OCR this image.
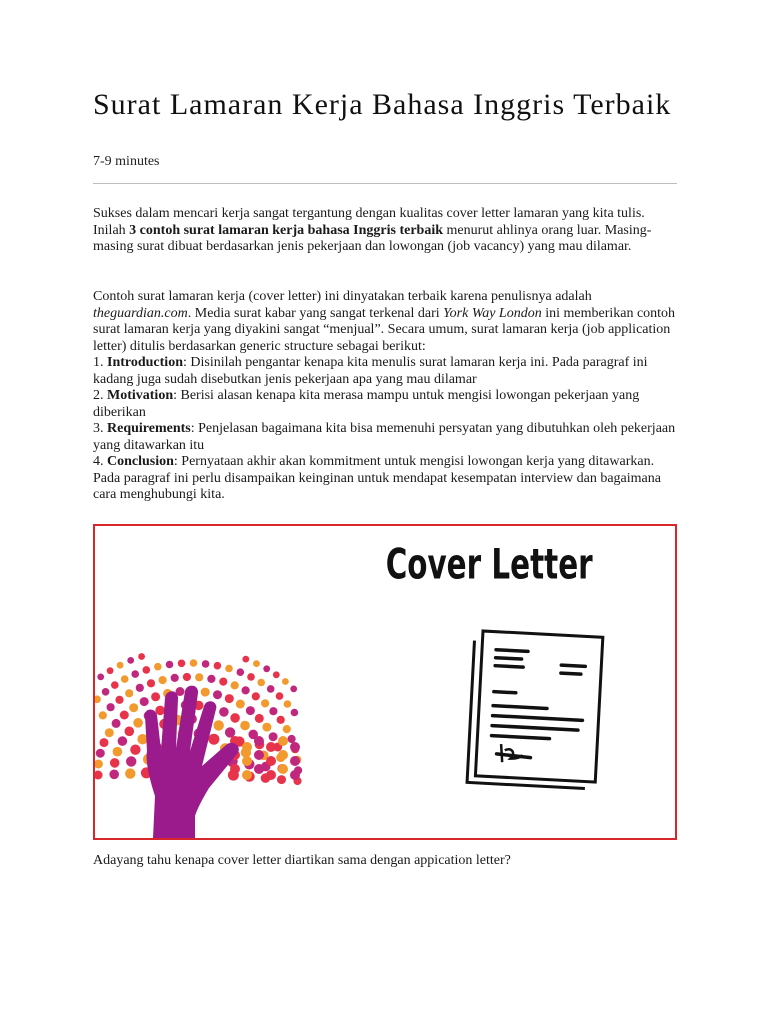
Surat Lamaran Kerja Bahasa Inggris Terbaik
7-9 minutes

Sukses dalam mencari kerja sangat tergantung dengan kualitas cover letter lamaran yang kita tulis. Inilah 3 contoh surat lamaran kerja bahasa Inggris terbaik menurut ahlinya orang luar. Masing-masing surat dibuat berdasarkan jenis pekerjaan dan lowongan (job vacancy) yang mau dilamar.

Contoh surat lamaran kerja (cover letter) ini dinyatakan terbaik karena penulisnya adalah theguardian.com. Media surat kabar yang sangat terkenal dari York Way London ini memberikan contoh surat lamaran kerja yang diyakini sangat “menjual”. Secara umum, surat lamaran kerja (job application letter) ditulis berdasarkan generic structure sebagai berikut:
1. Introduction: Disinilah pengantar kenapa kita menulis surat lamaran kerja ini. Pada paragraf ini kadang juga sudah disebutkan jenis pekerjaan apa yang mau dilamar
2. Motivation: Berisi alasan kenapa kita merasa mampu untuk mengisi lowongan pekerjaan yang diberikan
3. Requirements: Penjelasan bagaimana kita bisa memenuhi persyatan yang dibutuhkan oleh pekerjaan yang ditawarkan itu
4. Conclusion: Pernyataan akhir akan kommitment untuk mengisi lowongan kerja yang ditawarkan. Pada paragraf ini perlu disampaikan keinginan untuk mendapat kesempatan interview dan bagaimana cara menghubungi kita.

Cover Letter

Adayang tahu kenapa cover letter diartikan sama dengan appication letter?
